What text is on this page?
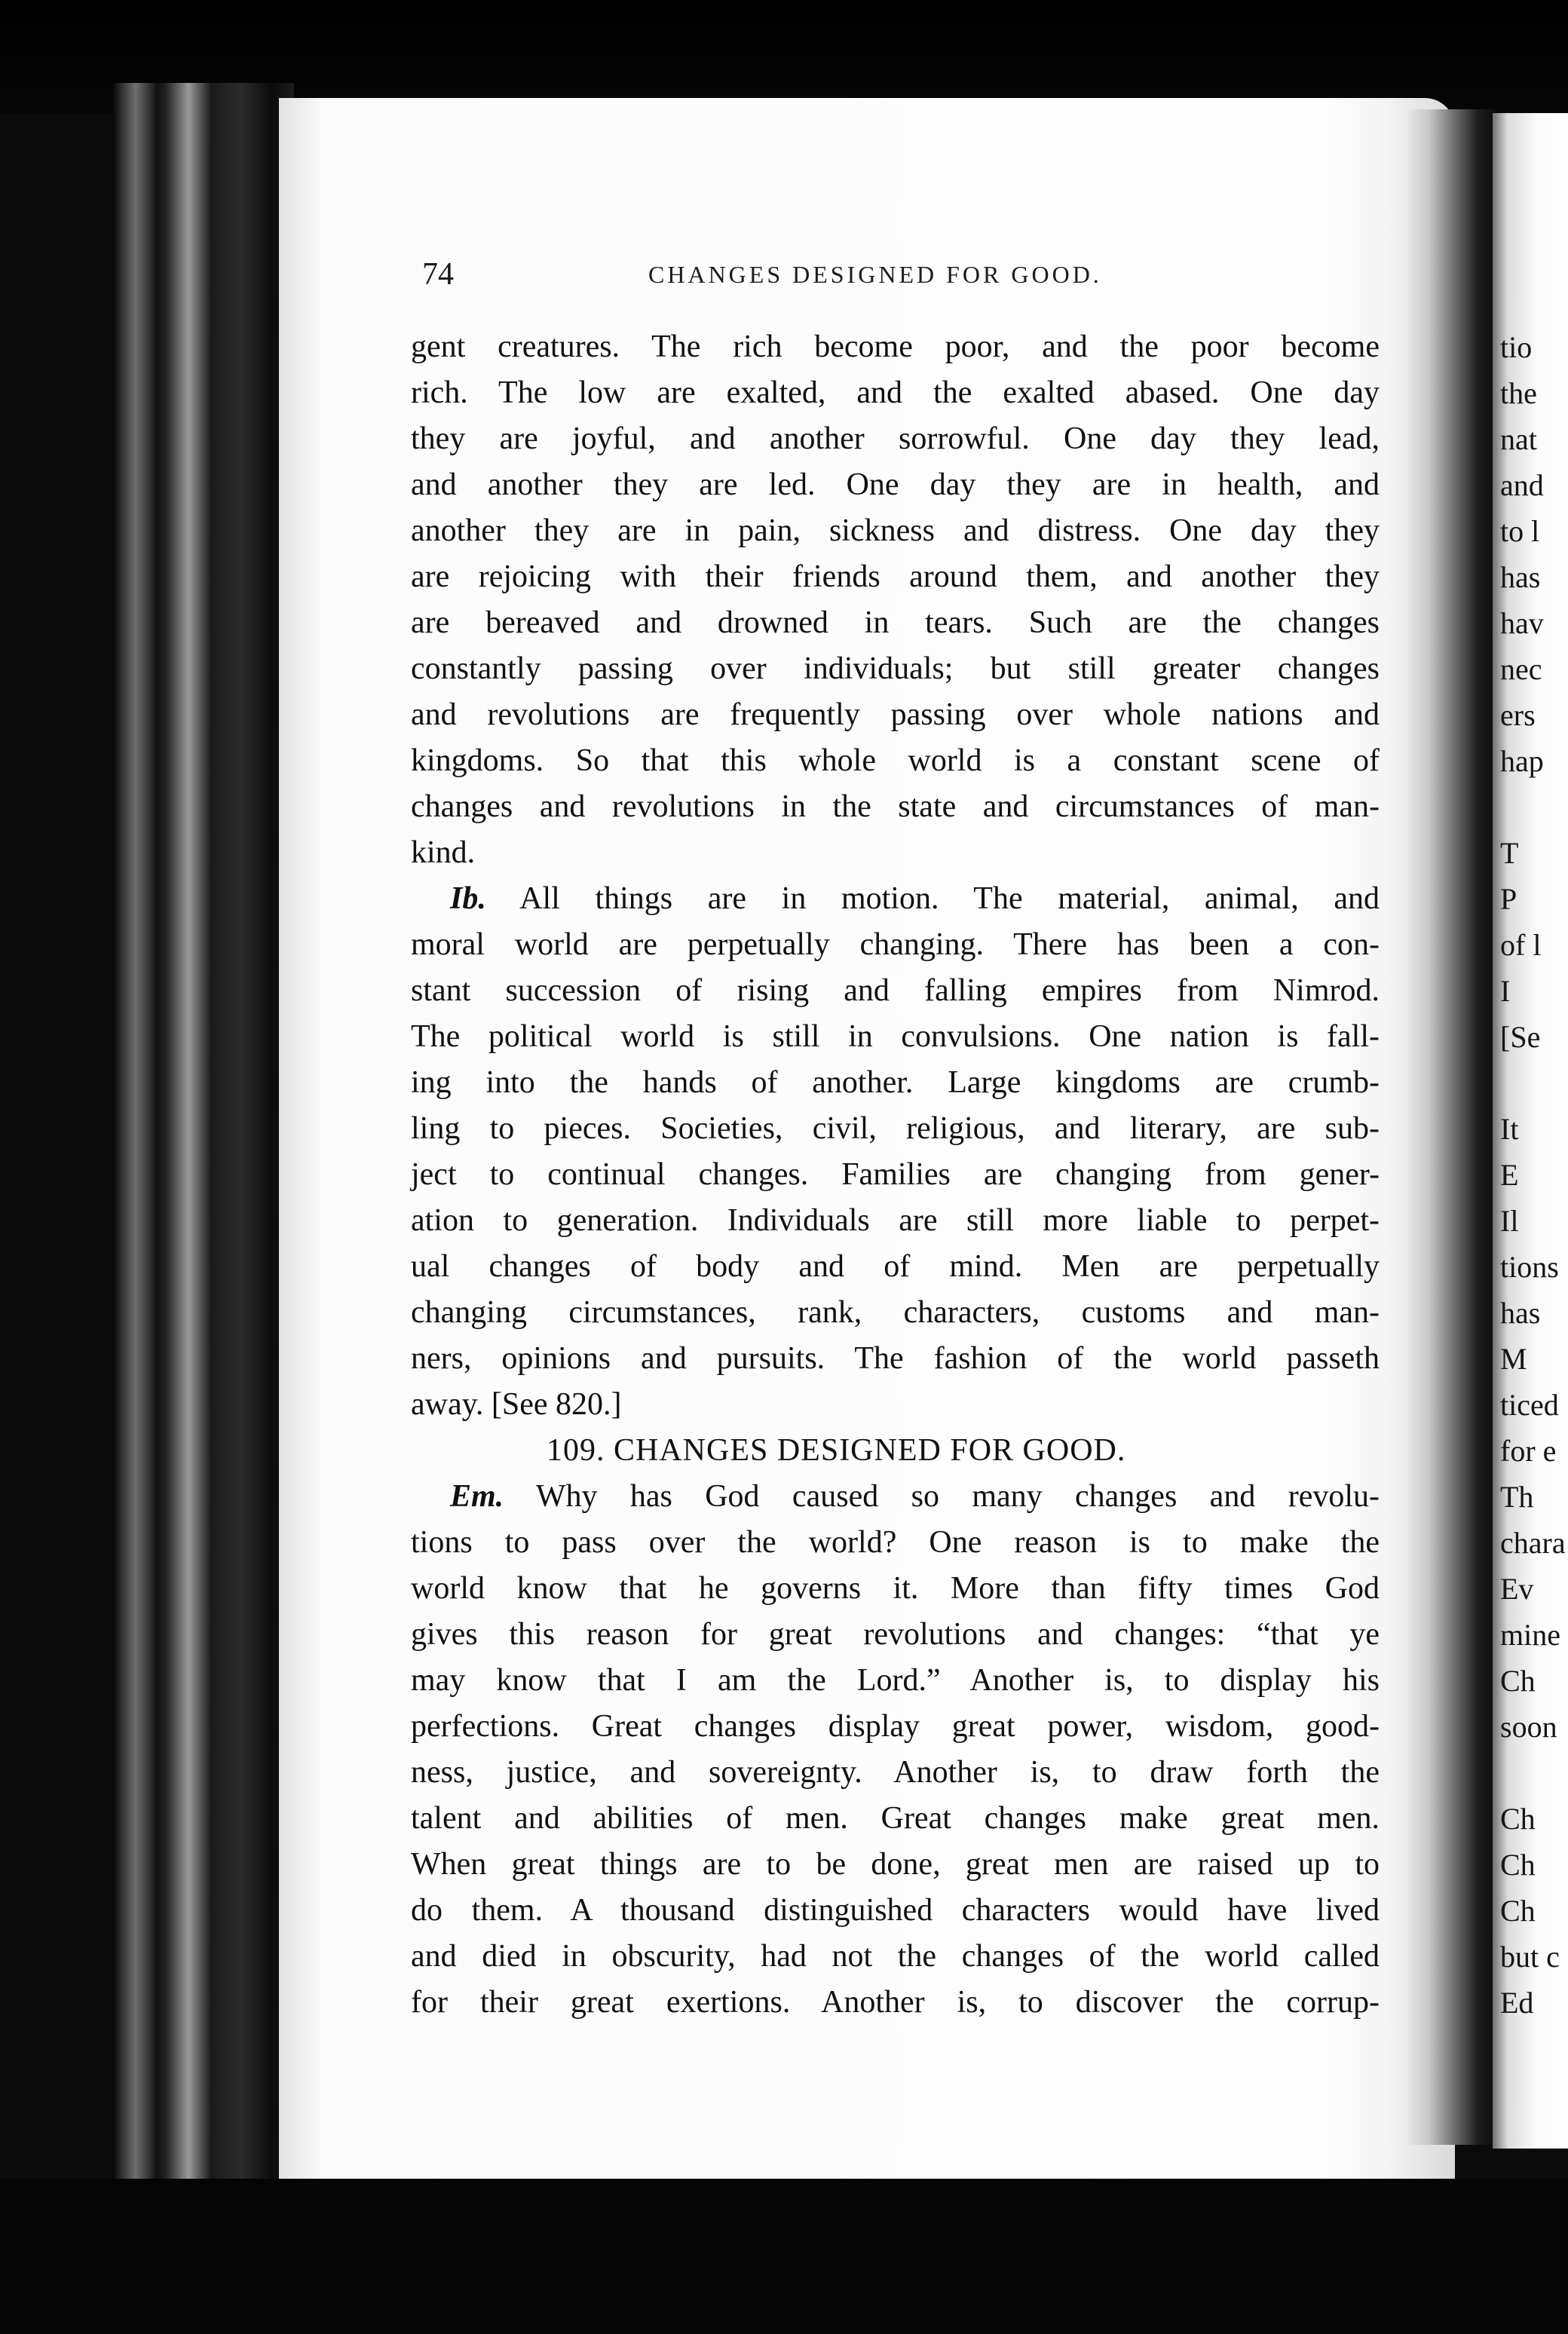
74	CHANGES DESIGNED FOR GOOD.
gent creatures. The rich become poor, and the poor become
rich. The low are exalted, and the exalted abased. One day
they are joyful, and another sorrowful. One day they lead,
and another they are led. One day they are in health, and
another they are in pain, sickness and distress. One day they
are rejoicing with their friends around them, and another they
are bereaved and drowned in tears. Such are the changes
constantly passing over individuals; but still greater changes
and revolutions are frequently passing over whole nations and
kingdoms. So that this whole world is a constant scene of
changes and revolutions in the state and circumstances of man-
kind.
Ib. All things are in motion. The material, animal, and
moral world are perpetually changing. There has been a con-
stant succession of rising and falling empires from Nimrod.
The political world is still in convulsions. One nation is fall-
ing into the hands of another. Large kingdoms are crumb-
ling to pieces. Societies, civil, religious, and literary, are sub-
ject to continual changes. Families are changing from gener-
ation to generation. Individuals are still more liable to perpet-
ual changes of body and of mind. Men are perpetually
changing circumstances, rank, characters, customs and man-
ners, opinions and pursuits. The fashion of the world passeth
away. [See 820.]
109. CHANGES DESIGNED FOR GOOD.
Em. Why has God caused so many changes and revolu-
tions to pass over the world? One reason is to make the
world know that he governs it. More than fifty times God
gives this reason for great revolutions and changes: “that ye
may know that I am the Lord.” Another is, to display his
perfections. Great changes display great power, wisdom, good-
ness, justice, and sovereignty. Another is, to draw forth the
talent and abilities of men. Great changes make great men.
When great things are to be done, great men are raised up to
do them. A thousand distinguished characters would have lived
and died in obscurity, had not the changes of the world called
for their great exertions. Another is, to discover the corrup-
tio
the
nat
and
to l
has
hav
nec
ers
hap
T
P
of l
I
[Se
It
E
Il
tions
has
M
ticed
for e
Th
chara
Ev
mine
Ch
soon
Ch
Ch
Ch
but c
Ed
